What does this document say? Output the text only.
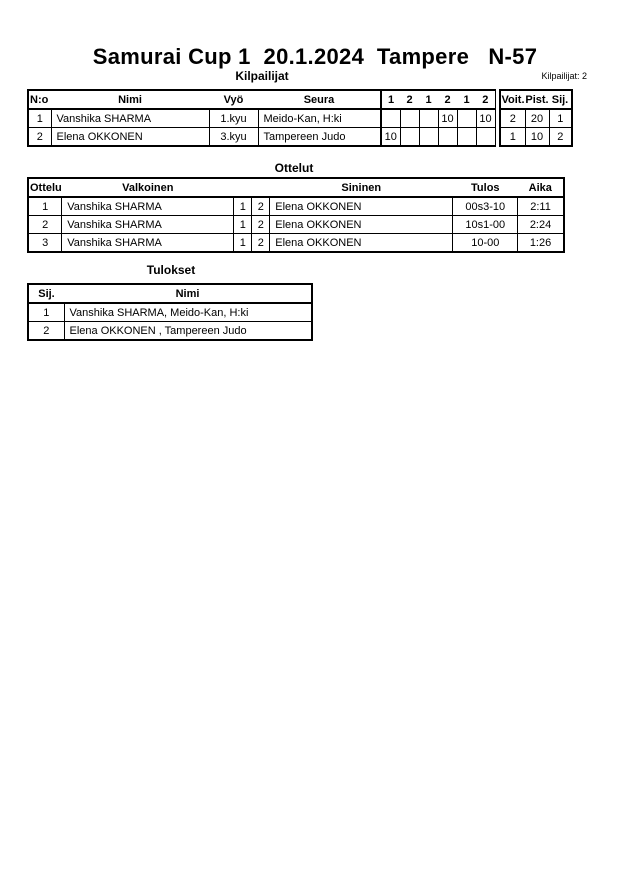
Samurai Cup 1  20.1.2024  Tampere   N-57
Kilpailijat	Kilpailijat: 2
N:o	Nimi	Vyö	Seura	1	2	1	2	1	2
1	Vanshika SHARMA	1.kyu	Meido-Kan, H:ki				10		10
2	Elena OKKONEN	3.kyu	Tampereen Judo	10					
Voit.	Pist.	Sij.
2	20	1
1	10	2
Ottelut
Ottelu	Valkoinen			Sininen	Tulos	Aika
1	Vanshika SHARMA	1	2	Elena OKKONEN	00s3-10	2:11
2	Vanshika SHARMA	1	2	Elena OKKONEN	10s1-00	2:24
3	Vanshika SHARMA	1	2	Elena OKKONEN	10-00	1:26
Tulokset
Sij.	Nimi
1	Vanshika SHARMA, Meido-Kan, H:ki
2	Elena OKKONEN , Tampereen Judo
